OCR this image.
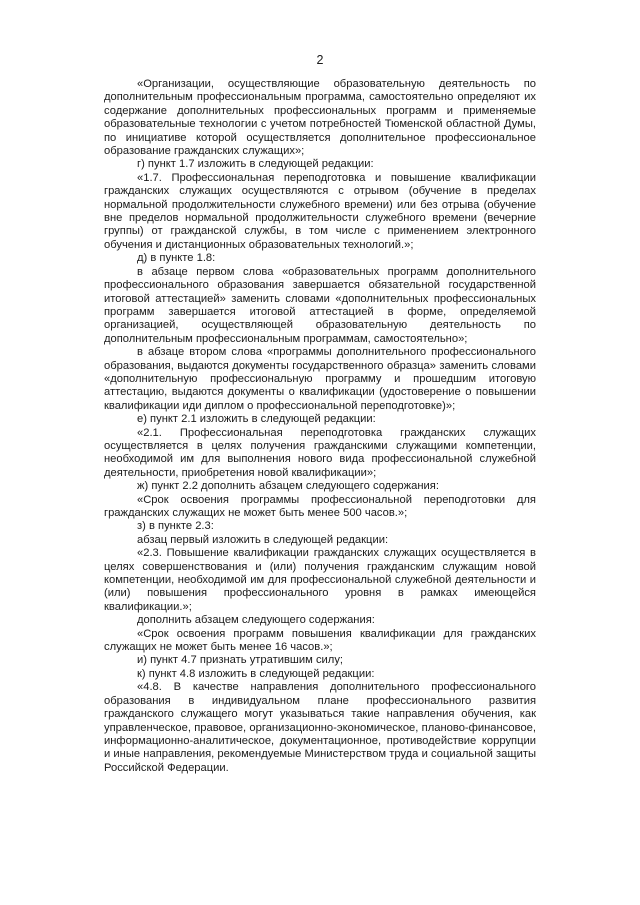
2

«Организации, осуществляющие образовательную деятельность по дополнительным профессиональным программа, самостоятельно определяют их содержание дополнительных профессиональных программ и применяемые образовательные технологии с учетом потребностей Тюменской областной Думы, по инициативе которой осуществляется дополнительное профессиональное образование гражданских служащих»;

г) пункт 1.7 изложить в следующей редакции:

«1.7. Профессиональная переподготовка и повышение квалификации гражданских служащих осуществляются с отрывом (обучение в пределах нормальной продолжительности служебного времени) или без отрыва (обучение вне пределов нормальной продолжительности служебного времени (вечерние группы) от гражданской службы, в том числе с применением электронного обучения и дистанционных образовательных технологий.»;

д) в пункте 1.8:

в абзаце первом слова «образовательных программ дополнительного профессионального образования завершается обязательной государственной итоговой аттестацией» заменить словами «дополнительных профессиональных программ завершается итоговой аттестацией в форме, определяемой организацией, осуществляющей образовательную деятельность по дополнительным профессиональным программам, самостоятельно»;

в абзаце втором слова «программы дополнительного профессионального образования, выдаются документы государственного образца» заменить словами «дополнительную профессиональную программу и прошедшим итоговую аттестацию, выдаются документы о квалификации (удостоверение о повышении квалификации иди диплом о профессиональной переподготовке)»;

е) пункт 2.1 изложить в следующей редакции:

«2.1. Профессиональная переподготовка гражданских служащих осуществляется в целях получения гражданскими служащими компетенции, необходимой им для выполнения нового вида профессиональной служебной деятельности, приобретения новой квалификации»;

ж) пункт 2.2 дополнить абзацем следующего содержания:

«Срок освоения программы профессиональной переподготовки для гражданских служащих не может быть менее 500 часов.»;

з) в пункте 2.3:

абзац первый изложить в следующей редакции:

«2.3. Повышение квалификации гражданских служащих осуществляется в целях совершенствования и (или) получения гражданским служащим новой компетенции, необходимой им для профессиональной служебной деятельности и (или) повышения профессионального уровня в рамках имеющейся квалификации.»;

дополнить абзацем следующего содержания:

«Срок освоения программ повышения квалификации для гражданских служащих не может быть менее 16 часов.»;

и) пункт 4.7 признать утратившим силу;

к) пункт 4.8 изложить в следующей редакции:

«4.8. В качестве направления дополнительного профессионального образования в индивидуальном плане профессионального развития гражданского служащего могут указываться такие направления обучения, как управленческое, правовое, организационно-экономическое, планово-финансовое, информационно-аналитическое, документационное, противодействие коррупции и иные направления, рекомендуемые Министерством труда и социальной защиты Российской Федерации.
